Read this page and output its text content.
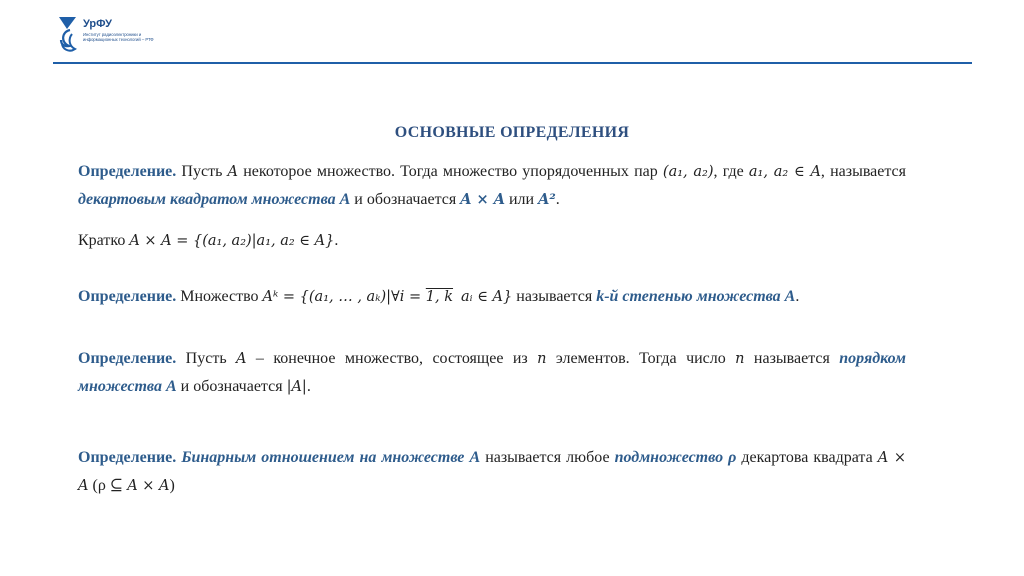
УрФУ
Институт радиоэлектроники и информационных технологий – РТФ
ОСНОВНЫЕ ОПРЕДЕЛЕНИЯ
Определение. Пусть A некоторое множество. Тогда множество упорядоченных пар (a₁, a₂), где a₁, a₂ ∈ A, называется декартовым квадратом множества A и обозначается A × A или A².
Кратко A × A = {(a₁, a₂)|a₁, a₂ ∈ A}.
Определение. Множество Aᵏ = {(a₁, … , aₖ)|∀i = 1, k aᵢ ∈ A} называется k-й степенью множества A.
Определение. Пусть A – конечное множество, состоящее из n элементов. Тогда число n называется порядком множества A и обозначается |A|.
Определение. Бинарным отношением на множестве A называется любое подмножество ρ декартова квадрата A × A (ρ ⊆ A × A)
